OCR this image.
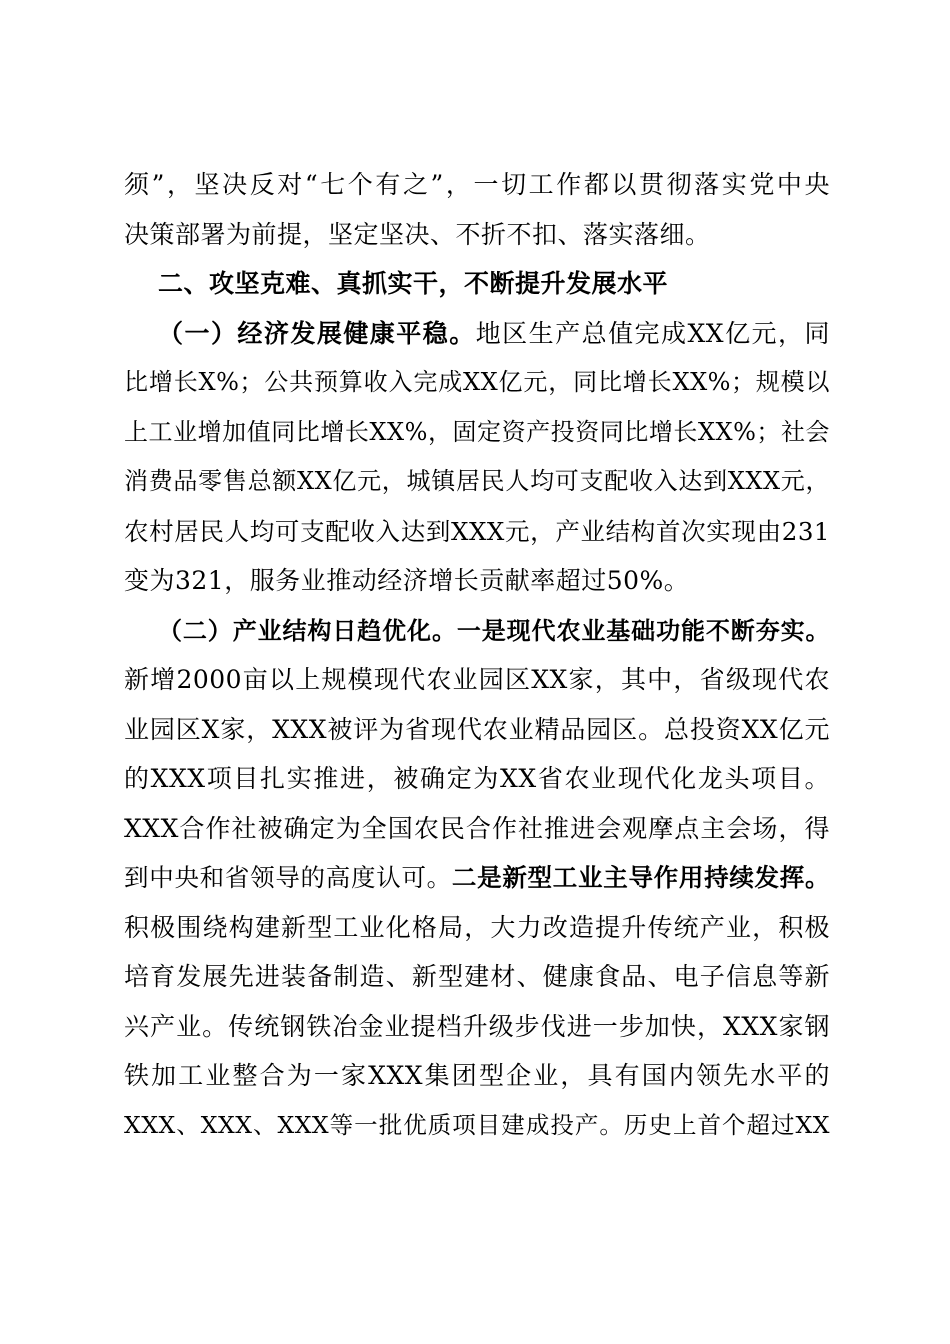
须”，坚决反对“七个有之”，一切工作都以贯彻落实党中央
决策部署为前提，坚定坚决、不折不扣、落实落细。
二、攻坚克难、真抓实干，不断提升发展水平
（一）经济发展健康平稳。地区生产总值完成XX亿元，同
比增长X%；公共预算收入完成XX亿元，同比增长XX%；规模以
上工业增加值同比增长XX%，固定资产投资同比增长XX%；社会
消费品零售总额XX亿元，城镇居民人均可支配收入达到XXX元，
农村居民人均可支配收入达到XXX元，产业结构首次实现由231
变为321，服务业推动经济增长贡献率超过50%。
（二）产业结构日趋优化。一是现代农业基础功能不断夯实。
新增2000亩以上规模现代农业园区XX家，其中，省级现代农
业园区X家，XXX被评为省现代农业精品园区。总投资XX亿元
的XXX项目扎实推进，被确定为XX省农业现代化龙头项目。
XXX合作社被确定为全国农民合作社推进会观摩点主会场，得
到中央和省领导的高度认可。二是新型工业主导作用持续发挥。
积极围绕构建新型工业化格局，大力改造提升传统产业，积极
培育发展先进装备制造、新型建材、健康食品、电子信息等新
兴产业。传统钢铁冶金业提档升级步伐进一步加快，XXX家钢
铁加工业整合为一家XXX集团型企业，具有国内领先水平的
XXX、XXX、XXX等一批优质项目建成投产。历史上首个超过XX
